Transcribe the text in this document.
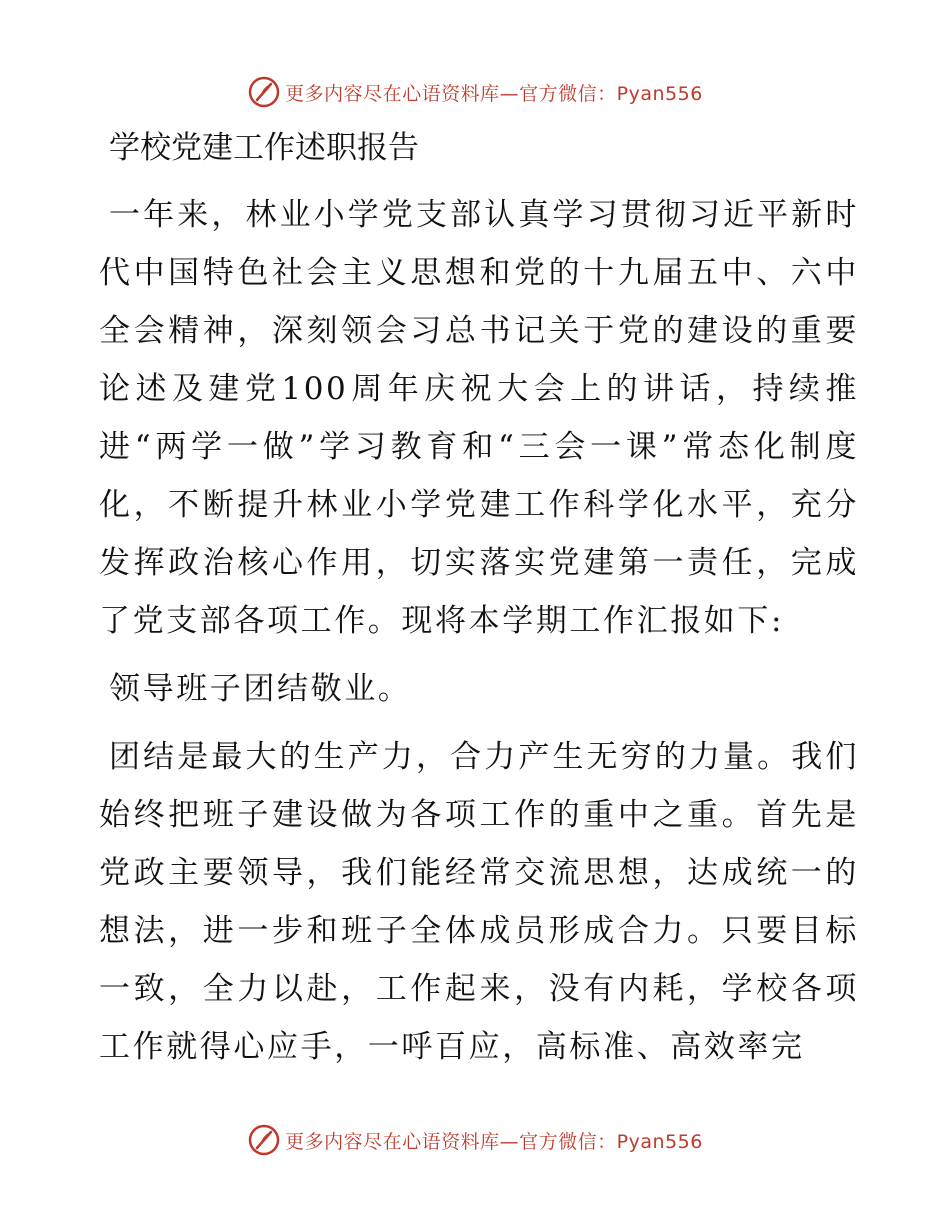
更多内容尽在心语资料库—官方微信：Pyan556
学校党建工作述职报告

一年来，林业小学党支部认真学习贯彻习近平新时代中国特色社会主义思想和党的十九届五中、六中全会精神，深刻领会习总书记关于党的建设的重要论述及建党100周年庆祝大会上的讲话，持续推进“两学一做”学习教育和“三会一课”常态化制度化，不断提升林业小学党建工作科学化水平，充分发挥政治核心作用，切实落实党建第一责任，完成了党支部各项工作。现将本学期工作汇报如下:

领导班子团结敬业。

团结是最大的生产力，合力产生无穷的力量。我们始终把班子建设做为各项工作的重中之重。首先是党政主要领导，我们能经常交流思想，达成统一的想法，进一步和班子全体成员形成合力。只要目标一致，全力以赴，工作起来，没有内耗，学校各项工作就得心应手，一呼百应，高标准、高效率完

更多内容尽在心语资料库—官方微信：Pyan556
